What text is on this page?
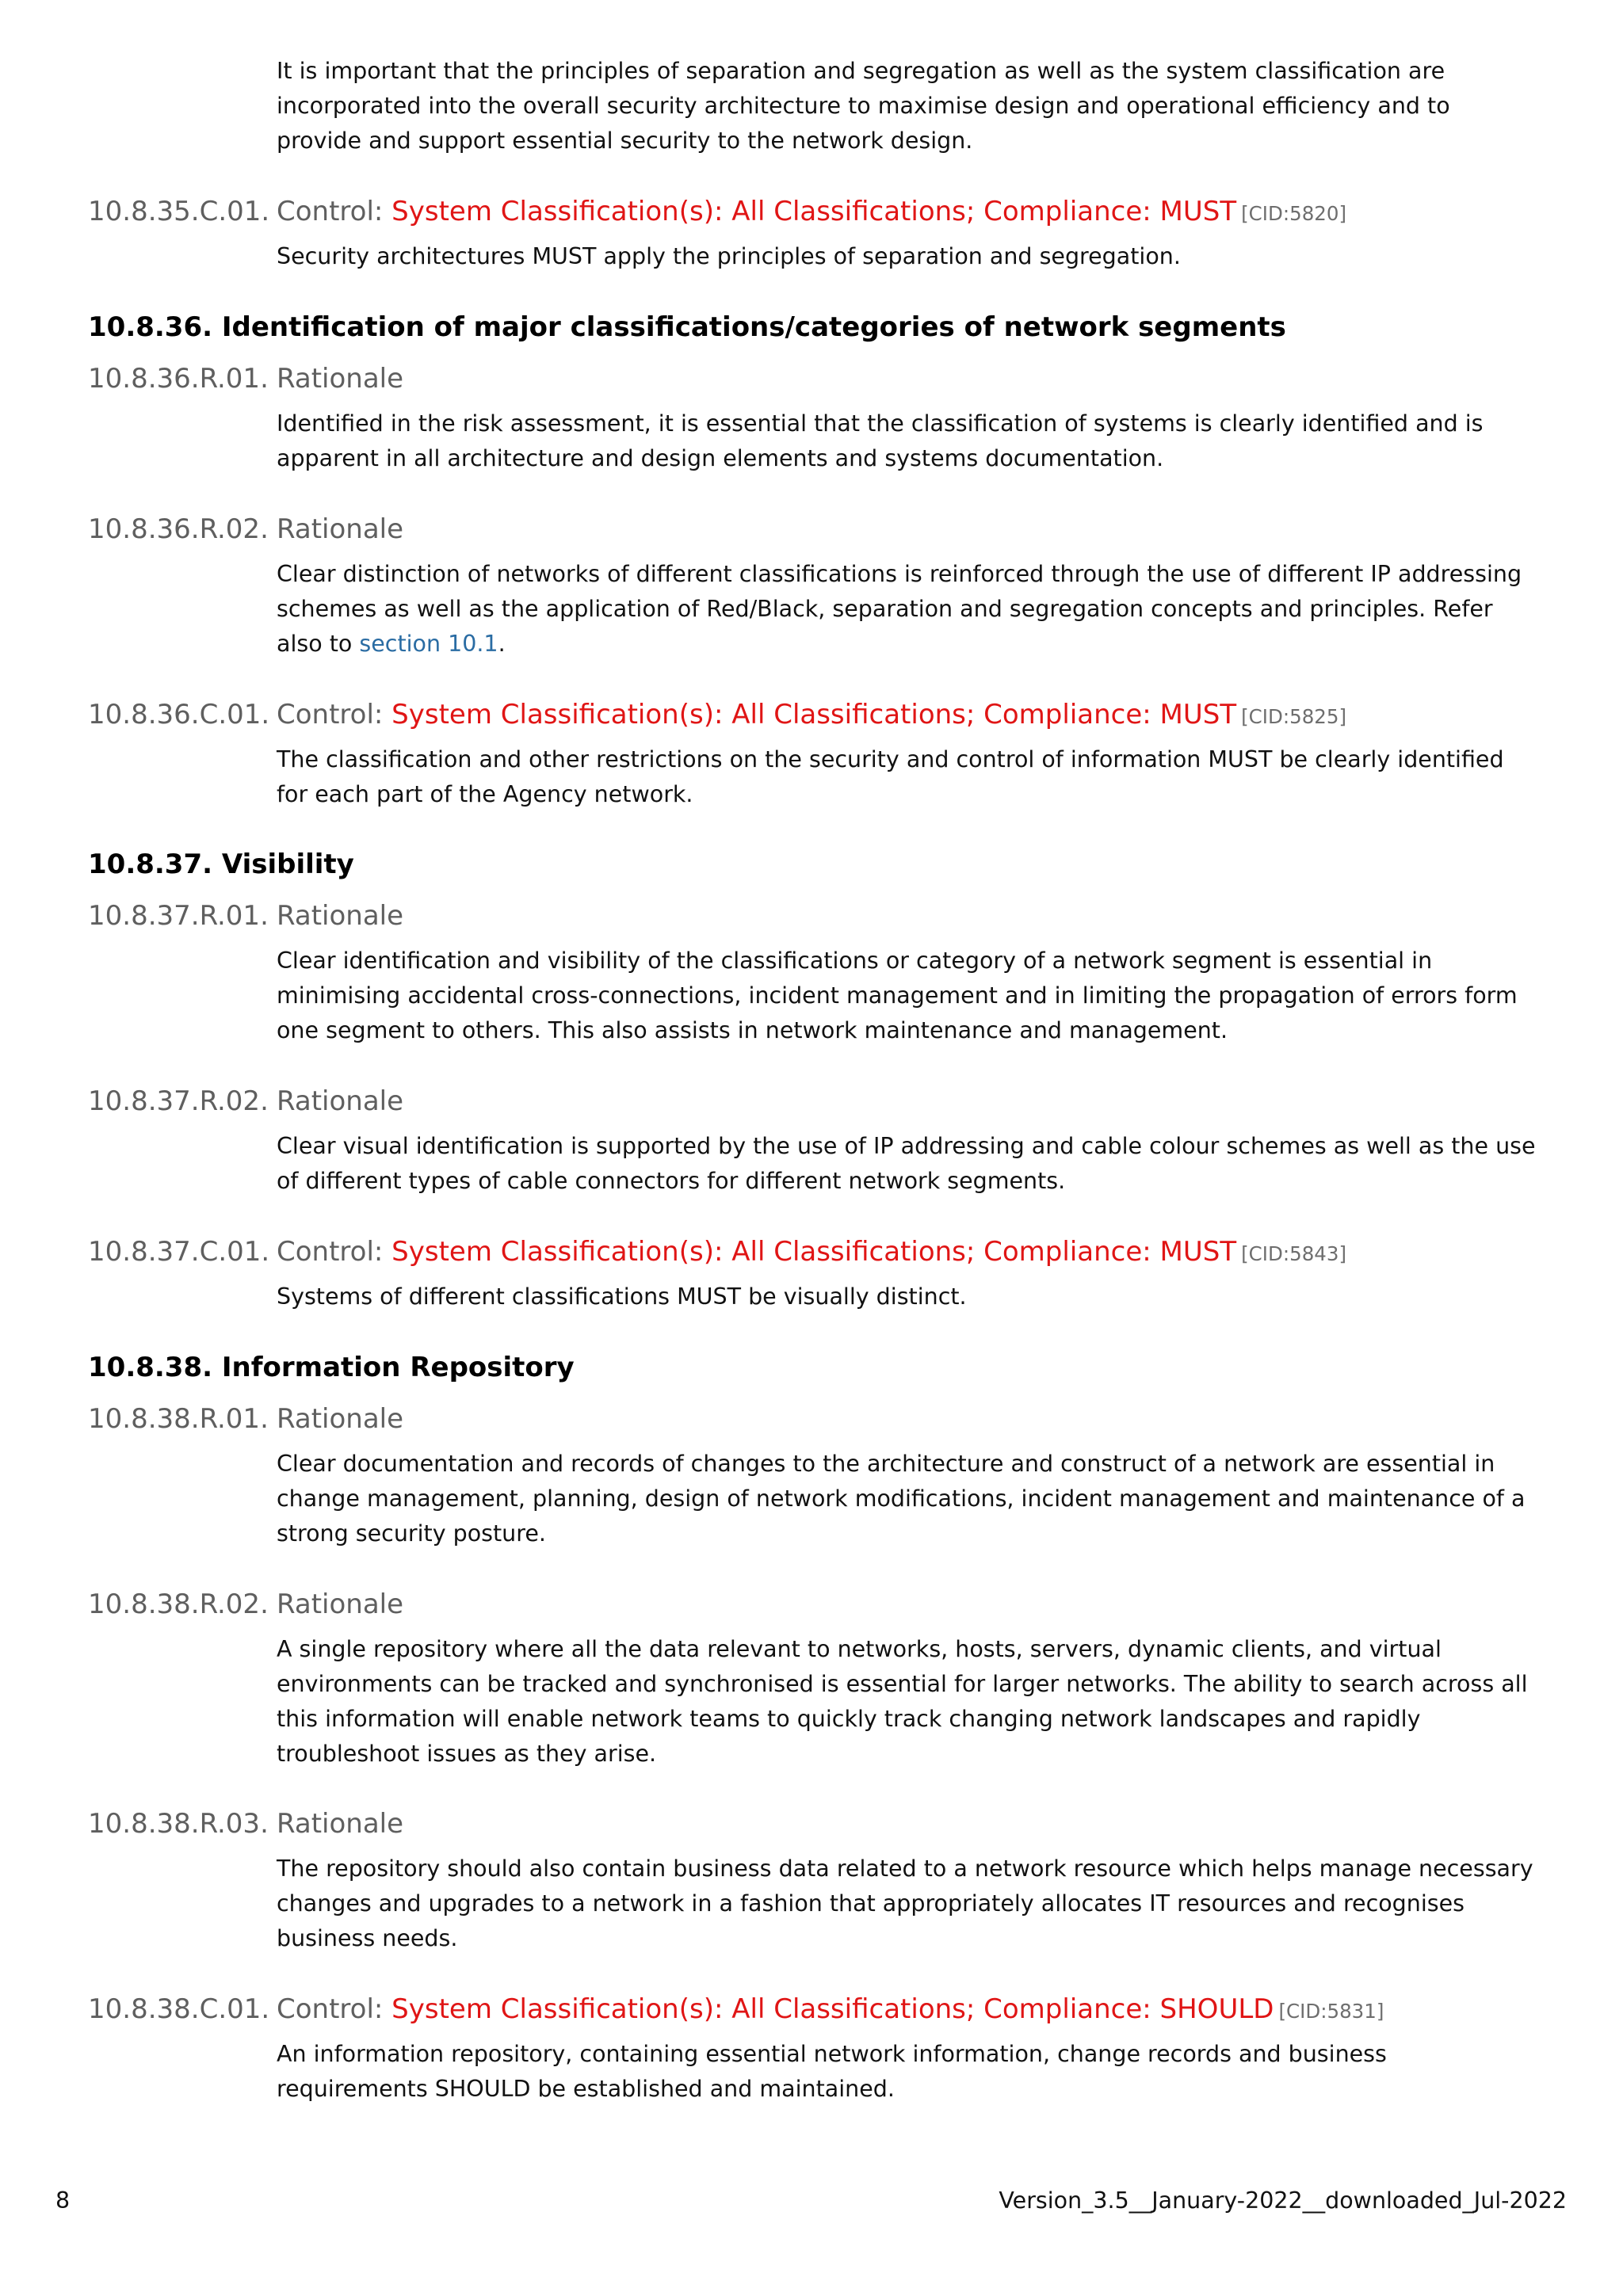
It is important that the principles of separation and segregation as well as the system classification are incorporated into the overall security architecture to maximise design and operational efficiency and to provide and support essential security to the network design.

10.8.35.C.01. Control: System Classification(s): All Classifications; Compliance: MUST [CID:5820]

Security architectures MUST apply the principles of separation and segregation.

10.8.36. Identification of major classifications/categories of network segments
10.8.36.R.01. Rationale

Identified in the risk assessment, it is essential that the classification of systems is clearly identified and is apparent in all architecture and design elements and systems documentation.

10.8.36.R.02. Rationale

Clear distinction of networks of different classifications is reinforced through the use of different IP addressing schemes as well as the application of Red/Black, separation and segregation concepts and principles. Refer also to section 10.1.

10.8.36.C.01. Control: System Classification(s): All Classifications; Compliance: MUST [CID:5825]

The classification and other restrictions on the security and control of information MUST be clearly identified for each part of the Agency network.

10.8.37. Visibility
10.8.37.R.01. Rationale

Clear identification and visibility of the classifications or category of a network segment is essential in minimising accidental cross-connections, incident management and in limiting the propagation of errors form one segment to others. This also assists in network maintenance and management.

10.8.37.R.02. Rationale

Clear visual identification is supported by the use of IP addressing and cable colour schemes as well as the use of different types of cable connectors for different network segments.

10.8.37.C.01. Control: System Classification(s): All Classifications; Compliance: MUST [CID:5843]

Systems of different classifications MUST be visually distinct.

10.8.38. Information Repository
10.8.38.R.01. Rationale

Clear documentation and records of changes to the architecture and construct of a network are essential in change management, planning, design of network modifications, incident management and maintenance of a strong security posture.

10.8.38.R.02. Rationale

A single repository where all the data relevant to networks, hosts, servers, dynamic clients, and virtual environments can be tracked and synchronised is essential for larger networks. The ability to search across all this information will enable network teams to quickly track changing network landscapes and rapidly troubleshoot issues as they arise.

10.8.38.R.03. Rationale

The repository should also contain business data related to a network resource which helps manage necessary changes and upgrades to a network in a fashion that appropriately allocates IT resources and recognises business needs.

10.8.38.C.01. Control: System Classification(s): All Classifications; Compliance: SHOULD [CID:5831]

An information repository, containing essential network information, change records and business requirements SHOULD be established and maintained.

8	Version_3.5__January-2022__downloaded_Jul-2022
